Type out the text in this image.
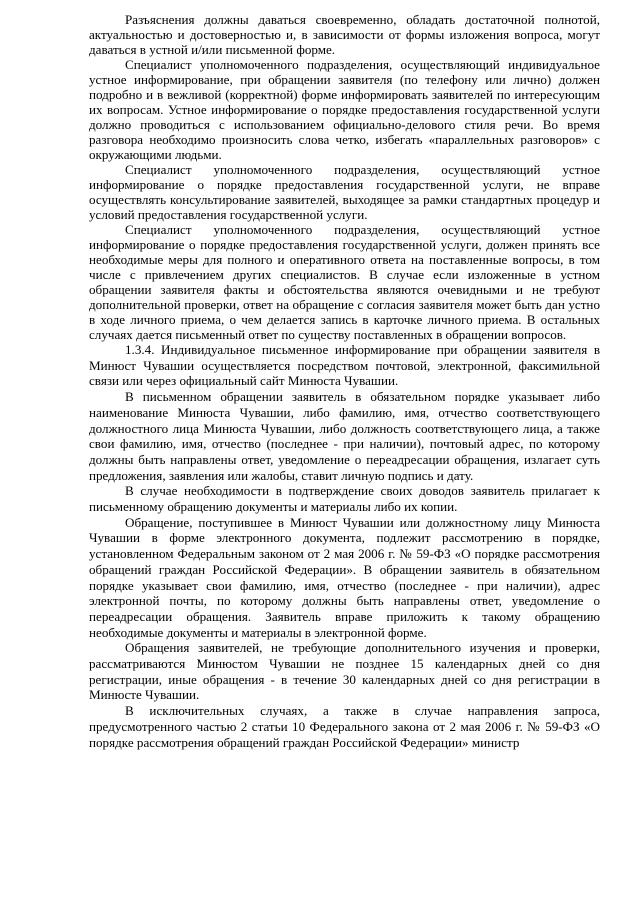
Разъяснения должны даваться своевременно, обладать достаточной полнотой, актуальностью и достоверностью и, в зависимости от формы изложения вопроса, могут даваться в устной и/или письменной форме.

Специалист уполномоченного подразделения, осуществляющий индивидуальное устное информирование, при обращении заявителя (по телефону или лично) должен подробно и в вежливой (корректной) форме информировать заявителей по интересующим их вопросам. Устное информирование о порядке предоставления государственной услуги должно проводиться с использованием официально-делового стиля речи. Во время разговора необходимо произносить слова четко, избегать «параллельных разговоров» с окружающими людьми.

Специалист уполномоченного подразделения, осуществляющий устное информирование о порядке предоставления государственной услуги, не вправе осуществлять консультирование заявителей, выходящее за рамки стандартных процедур и условий предоставления государственной услуги.

Специалист уполномоченного подразделения, осуществляющий устное информирование о порядке предоставления государственной услуги, должен принять все необходимые меры для полного и оперативного ответа на поставленные вопросы, в том числе с привлечением других специалистов. В случае если изложенные в устном обращении заявителя факты и обстоятельства являются очевидными и не требуют дополнительной проверки, ответ на обращение с согласия заявителя может быть дан устно в ходе личного приема, о чем делается запись в карточке личного приема. В остальных случаях дается письменный ответ по существу поставленных в обращении вопросов.

1.3.4. Индивидуальное письменное информирование при обращении заявителя в Минюст Чувашии осуществляется посредством почтовой, электронной, факсимильной связи или через официальный сайт Минюста Чувашии.

В письменном обращении заявитель в обязательном порядке указывает либо наименование Минюста Чувашии, либо фамилию, имя, отчество соответствующего должностного лица Минюста Чувашии, либо должность соответствующего лица, а также свои фамилию, имя, отчество (последнее - при наличии), почтовый адрес, по которому должны быть направлены ответ, уведомление о переадресации обращения, излагает суть предложения, заявления или жалобы, ставит личную подпись и дату.

В случае необходимости в подтверждение своих доводов заявитель прилагает к письменному обращению документы и материалы либо их копии.

Обращение, поступившее в Минюст Чувашии или должностному лицу Минюста Чувашии в форме электронного документа, подлежит рассмотрению в порядке, установленном Федеральным законом от 2 мая 2006 г. № 59-ФЗ «О порядке рассмотрения обращений граждан Российской Федерации». В обращении заявитель в обязательном порядке указывает свои фамилию, имя, отчество (последнее - при наличии), адрес электронной почты, по которому должны быть направлены ответ, уведомление о переадресации обращения. Заявитель вправе приложить к такому обращению необходимые документы и материалы в электронной форме.

Обращения заявителей, не требующие дополнительного изучения и проверки, рассматриваются Минюстом Чувашии не позднее 15 календарных дней со дня регистрации, иные обращения - в течение 30 календарных дней со дня регистрации в Минюсте Чувашии.

В исключительных случаях, а также в случае направления запроса, предусмотренного частью 2 статьи 10 Федерального закона от 2 мая 2006 г. № 59-ФЗ «О порядке рассмотрения обращений граждан Российской Федерации» министр
